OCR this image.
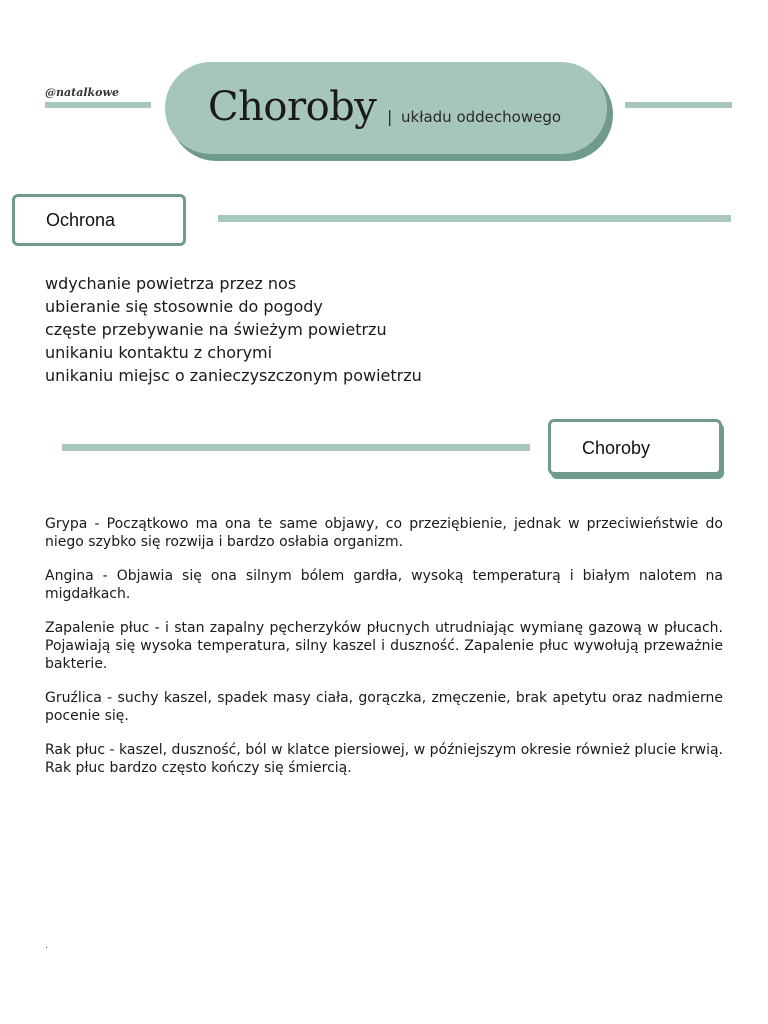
@natalkowe Choroby | układu oddechowego
Ochrona
wdychanie powietrza przez nos
ubieranie się stosownie do pogody
częste przebywanie na świeżym powietrzu
unikaniu kontaktu z chorymi
unikaniu miejsc o zanieczyszczonym powietrzu
Choroby
Grypa - Początkowo ma ona te same objawy, co przeziębienie, jednak w przeciwieństwie do niego szybko się rozwija i bardzo osłabia organizm.
Angina - Objawia się ona silnym bólem gardła, wysoką temperaturą i białym nalotem na migdałkach.
Zapalenie płuc - i stan zapalny pęcherzyków płucnych utrudniając wymianę gazową w płucach. Pojawiają się wysoka temperatura, silny kaszel i duszność. Zapalenie płuc wywołują przeważnie bakterie.
Gruźlica - suchy kaszel, spadek masy ciała, gorączka, zmęczenie, brak apetytu oraz nadmierne pocenie się.
Rak płuc - kaszel, duszność, ból w klatce piersiowej, w późniejszym okresie również plucie krwią. Rak płuc bardzo często kończy się śmiercią.
.
